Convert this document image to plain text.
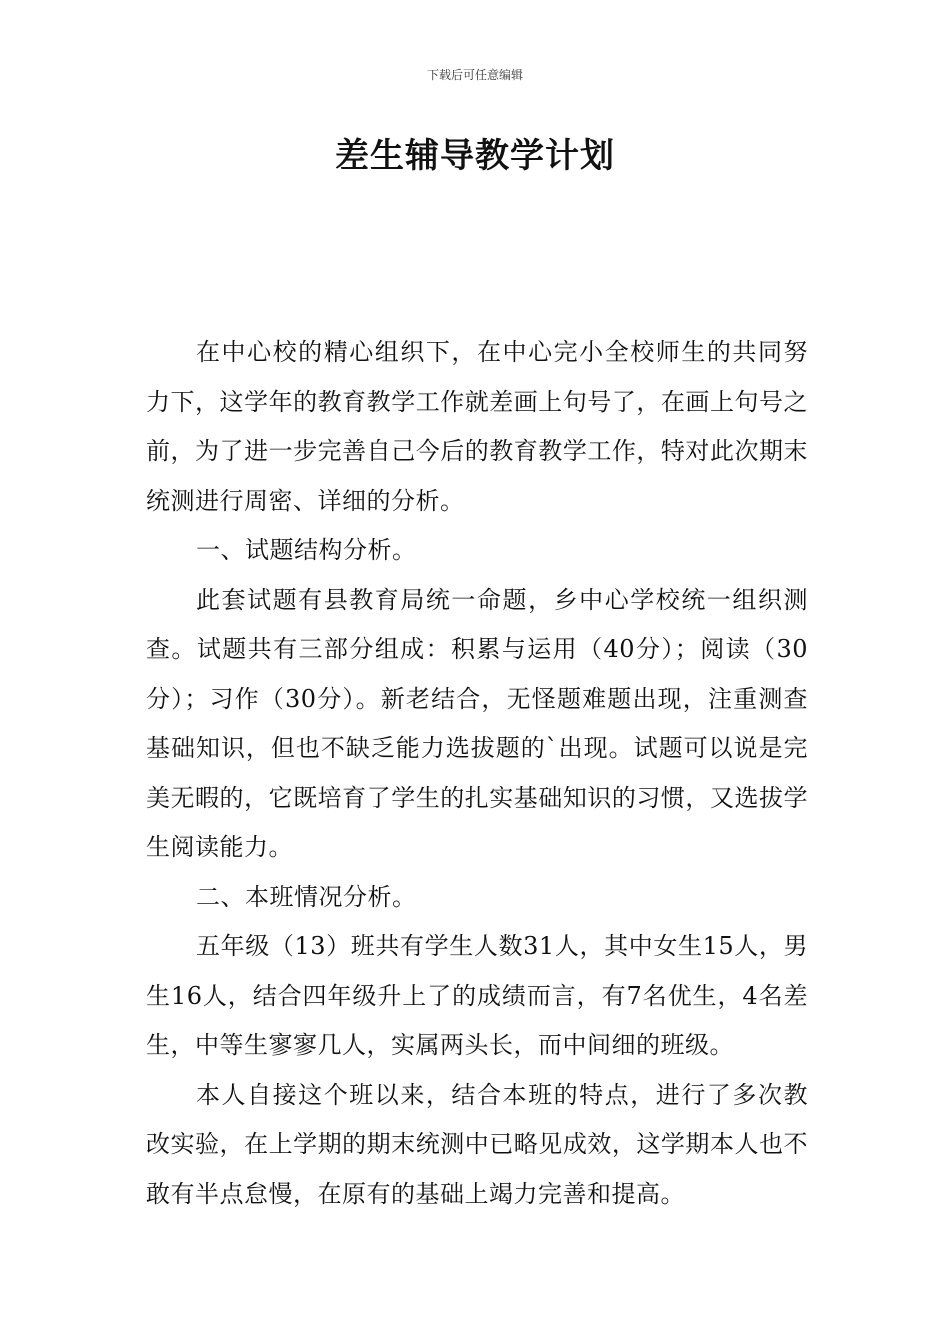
下载后可任意编辑
差生辅导教学计划

在中心校的精心组织下，在中心完小全校师生的共同努力下，这学年的教育教学工作就差画上句号了，在画上句号之前，为了进一步完善自己今后的教育教学工作，特对此次期末统测进行周密、详细的分析。

一、试题结构分析。

此套试题有县教育局统一命题，乡中心学校统一组织测查。试题共有三部分组成：积累与运用（40分）；阅读（30分）；习作（30分）。新老结合，无怪题难题出现，注重测查基础知识，但也不缺乏能力选拔题的`出现。试题可以说是完美无暇的，它既培育了学生的扎实基础知识的习惯，又选拔学生阅读能力。

二、本班情况分析。

五年级（13）班共有学生人数31人，其中女生15人，男生16人，结合四年级升上了的成绩而言，有7名优生，4名差生，中等生寥寥几人，实属两头长，而中间细的班级。

本人自接这个班以来，结合本班的特点，进行了多次教改实验，在上学期的期末统测中已略见成效，这学期本人也不敢有半点怠慢，在原有的基础上竭力完善和提高。
